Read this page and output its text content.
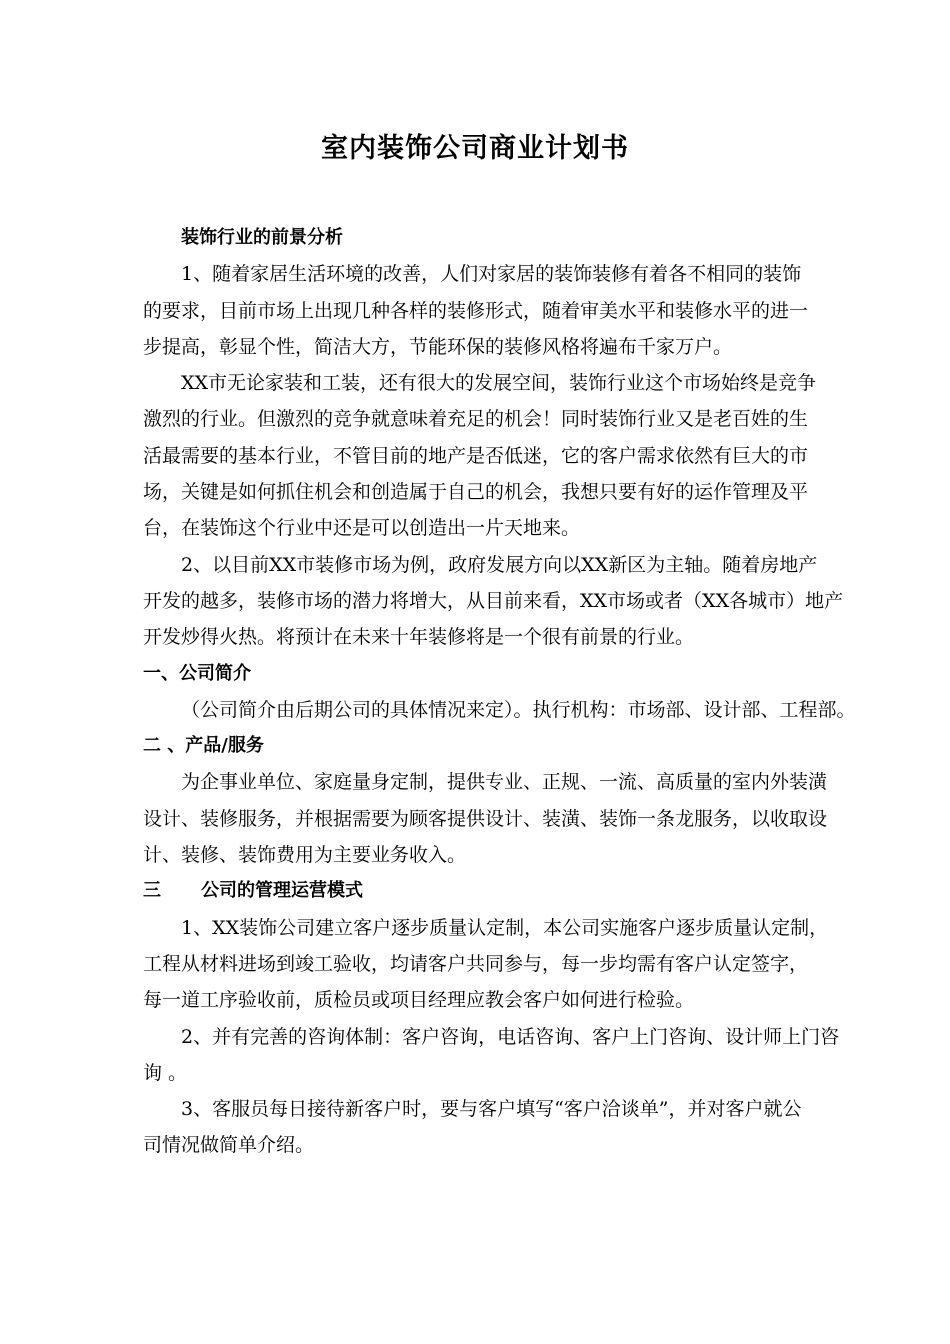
室内装饰公司商业计划书
装饰行业的前景分析
1、随着家居生活环境的改善，人们对家居的装饰装修有着各不相同的装饰
的要求，目前市场上出现几种各样的装修形式，随着审美水平和装修水平的进一
步提高，彰显个性，简洁大方，节能环保的装修风格将遍布千家万户。
XX市无论家装和工装，还有很大的发展空间，装饰行业这个市场始终是竞争
激烈的行业。但激烈的竞争就意味着充足的机会！同时装饰行业又是老百姓的生
活最需要的基本行业，不管目前的地产是否低迷，它的客户需求依然有巨大的市
场，关键是如何抓住机会和创造属于自己的机会，我想只要有好的运作管理及平
台，在装饰这个行业中还是可以创造出一片天地来。
2、以目前XX市装修市场为例，政府发展方向以XX新区为主轴。随着房地产
开发的越多，装修市场的潜力将增大，从目前来看，XX市场或者（XX各城市）地产
开发炒得火热。将预计在未来十年装修将是一个很有前景的行业。
一、公司简介
（公司简介由后期公司的具体情况来定）。执行机构：市场部、设计部、工程部。
二 、产品/服务
为企事业单位、家庭量身定制，提供专业、正规、一流、高质量的室内外装潢
设计、装修服务，并根据需要为顾客提供设计、装潢、装饰一条龙服务，以收取设
计、装修、装饰费用为主要业务收入。
三	公司的管理运营模式
1、XX装饰公司建立客户逐步质量认定制，本公司实施客户逐步质量认定制，
工程从材料进场到竣工验收，均请客户共同参与，每一步均需有客户认定签字，
每一道工序验收前，质检员或项目经理应教会客户如何进行检验。
2、并有完善的咨询体制：客户咨询，电话咨询、客户上门咨询、设计师上门咨
询 。
3、客服员每日接待新客户时，要与客户填写“客户洽谈单”，并对客户就公
司情况做简单介绍。
